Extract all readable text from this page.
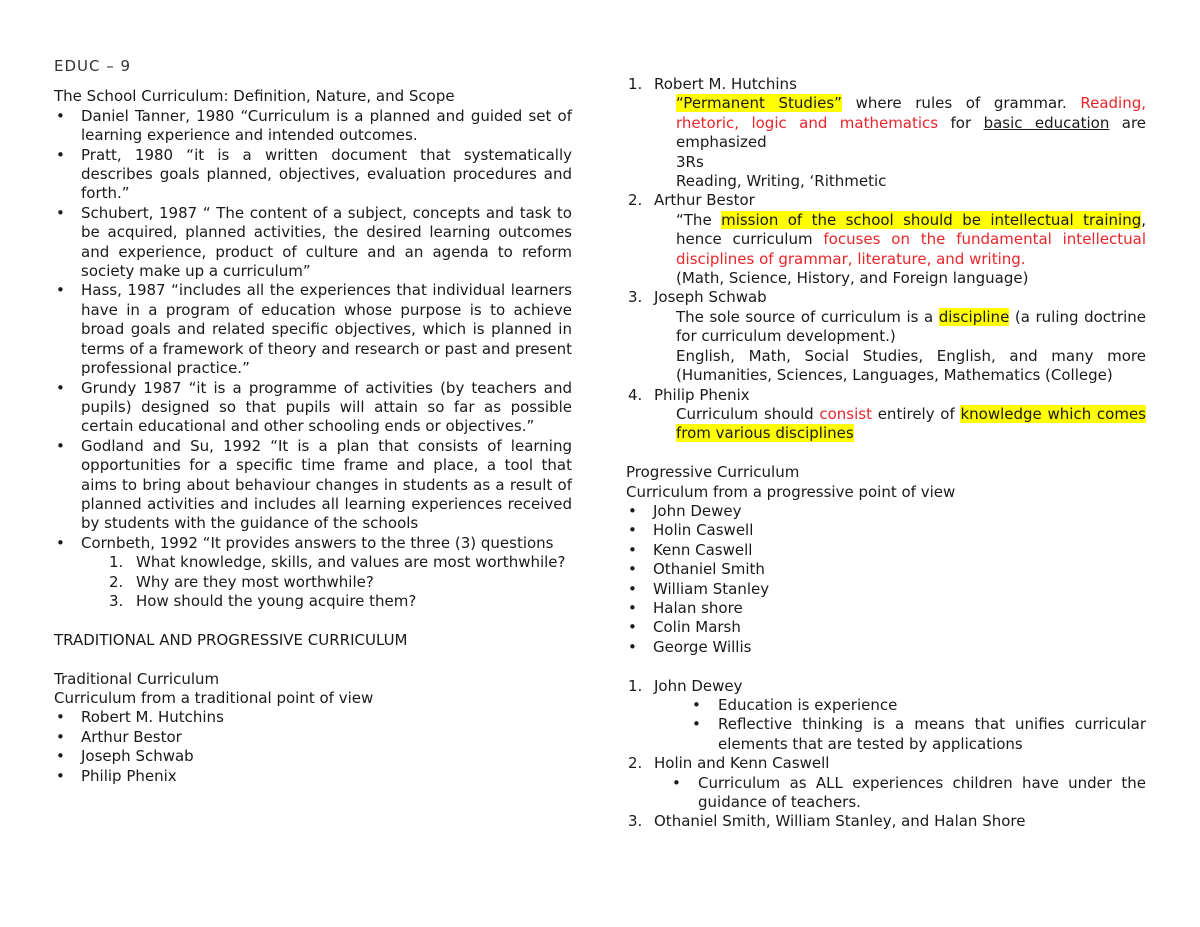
EDUC – 9
The School Curriculum: Definition, Nature, and Scope
• Daniel Tanner, 1980 “Curriculum is a planned and guided set of learning experience and intended outcomes.
• Pratt, 1980 “it is a written document that systematically describes goals planned, objectives, evaluation procedures and forth.”
• Schubert, 1987 “ The content of a subject, concepts and task to be acquired, planned activities, the desired learning outcomes and experience, product of culture and an agenda to reform society make up a curriculum”
• Hass, 1987 “includes all the experiences that individual learners have in a program of education whose purpose is to achieve broad goals and related specific objectives, which is planned in terms of a framework of theory and research or past and present professional practice.”
• Grundy 1987 “it is a programme of activities (by teachers and pupils) designed so that pupils will attain so far as possible certain educational and other schooling ends or objectives.”
• Godland and Su, 1992 “It is a plan that consists of learning opportunities for a specific time frame and place, a tool that aims to bring about behaviour changes in students as a result of planned activities and includes all learning experiences received by students with the guidance of the schools
• Cornbeth, 1992 “It provides answers to the three (3) questions
1. What knowledge, skills, and values are most worthwhile?
2. Why are they most worthwhile?
3. How should the young acquire them?
TRADITIONAL AND PROGRESSIVE CURRICULUM
Traditional Curriculum
Curriculum from a traditional point of view
• Robert M. Hutchins
• Arthur Bestor
• Joseph Schwab
• Philip Phenix
1. Robert M. Hutchins
“Permanent Studies” where rules of grammar. Reading, rhetoric, logic and mathematics for basic education are emphasized
3Rs
Reading, Writing, ‘Rithmetic
2. Arthur Bestor
“The mission of the school should be intellectual training, hence curriculum focuses on the fundamental intellectual disciplines of grammar, literature, and writing.
(Math, Science, History, and Foreign language)
3. Joseph Schwab
The sole source of curriculum is a discipline (a ruling doctrine for curriculum development.)
English, Math, Social Studies, English, and many more (Humanities, Sciences, Languages, Mathematics (College)
4. Philip Phenix
Curriculum should consist entirely of knowledge which comes from various disciplines
Progressive Curriculum
Curriculum from a progressive point of view
• John Dewey
• Holin Caswell
• Kenn Caswell
• Othaniel Smith
• William Stanley
• Halan shore
• Colin Marsh
• George Willis
1. John Dewey
• Education is experience
• Reflective thinking is a means that unifies curricular elements that are tested by applications
2. Holin and Kenn Caswell
• Curriculum as ALL experiences children have under the guidance of teachers.
3. Othaniel Smith, William Stanley, and Halan Shore
